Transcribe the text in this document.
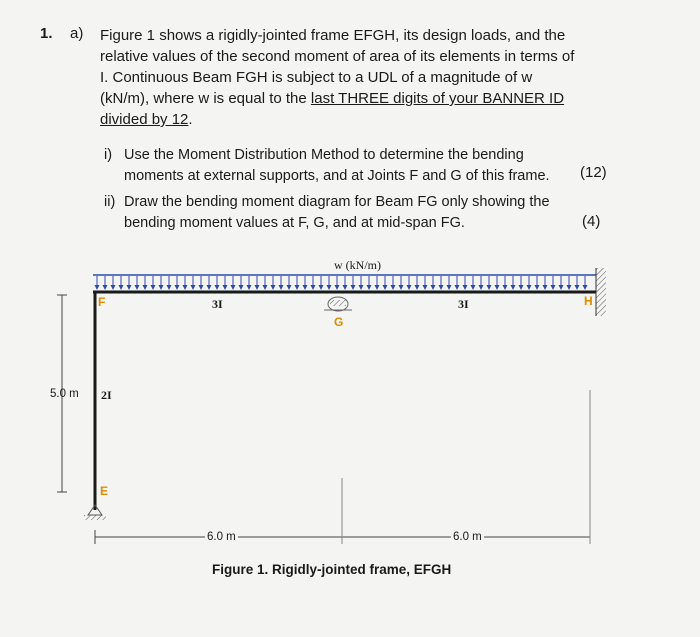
1. a) Figure 1 shows a rigidly-jointed frame EFGH, its design loads, and the relative values of the second moment of area of its elements in terms of I. Continuous Beam FGH is subject to a UDL of a magnitude of w (kN/m), where w is equal to the last THREE digits of your BANNER ID divided by 12.
i) Use the Moment Distribution Method to determine the bending moments at external supports, and at Joints F and G of this frame.	(12)
ii) Draw the bending moment diagram for Beam FG only showing the bending moment values at F, G, and at mid-span FG.	(4)
w (kN/m)
3I	3I
2I
F
G
H
E
5.0 m
6.0 m	6.0 m
Figure 1. Rigidly-jointed frame, EFGH
